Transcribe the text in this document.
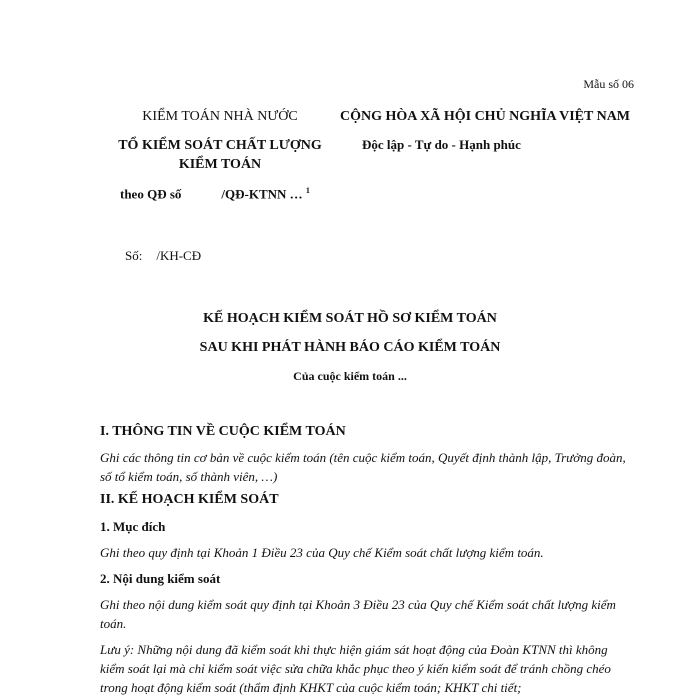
Mẫu số 06
KIỂM TOÁN NHÀ NƯỚC
TỔ KIỂM SOÁT CHẤT LƯỢNG KIỂM TOÁN
theo QĐ số	/QĐ-KTNN … $^1$
CỘNG HÒA XÃ HỘI CHỦ NGHĨA VIỆT NAM
Độc lập - Tự do - Hạnh phúc
Số: /KH-CĐ
KẾ HOẠCH KIỂM SOÁT HỒ SƠ KIỂM TOÁN
SAU KHI PHÁT HÀNH BÁO CÁO KIỂM TOÁN
Của cuộc kiểm toán ...
I. THÔNG TIN VỀ CUỘC KIỂM TOÁN
Ghi các thông tin cơ bản về cuộc kiểm toán (tên cuộc kiểm toán, Quyết định thành lập, Trưởng đoàn, số tổ kiểm toán, số thành viên, …)
II. KẾ HOẠCH KIỂM SOÁT
1. Mục đích
Ghi theo quy định tại Khoản 1 Điều 23 của Quy chế Kiểm soát chất lượng kiểm toán.
2. Nội dung kiểm soát
Ghi theo nội dung kiểm soát quy định tại Khoản 3 Điều 23 của Quy chế Kiểm soát chất lượng kiểm toán.
Lưu ý: Những nội dung đã kiểm soát khi thực hiện giám sát hoạt động của Đoàn KTNN thì không kiểm soát lại mà chỉ kiểm soát việc sửa chữa khắc phục theo ý kiến kiểm soát để tránh chồng chéo trong hoạt động kiểm soát (thẩm định KHKT của cuộc kiểm toán; KHKT chi tiết;
